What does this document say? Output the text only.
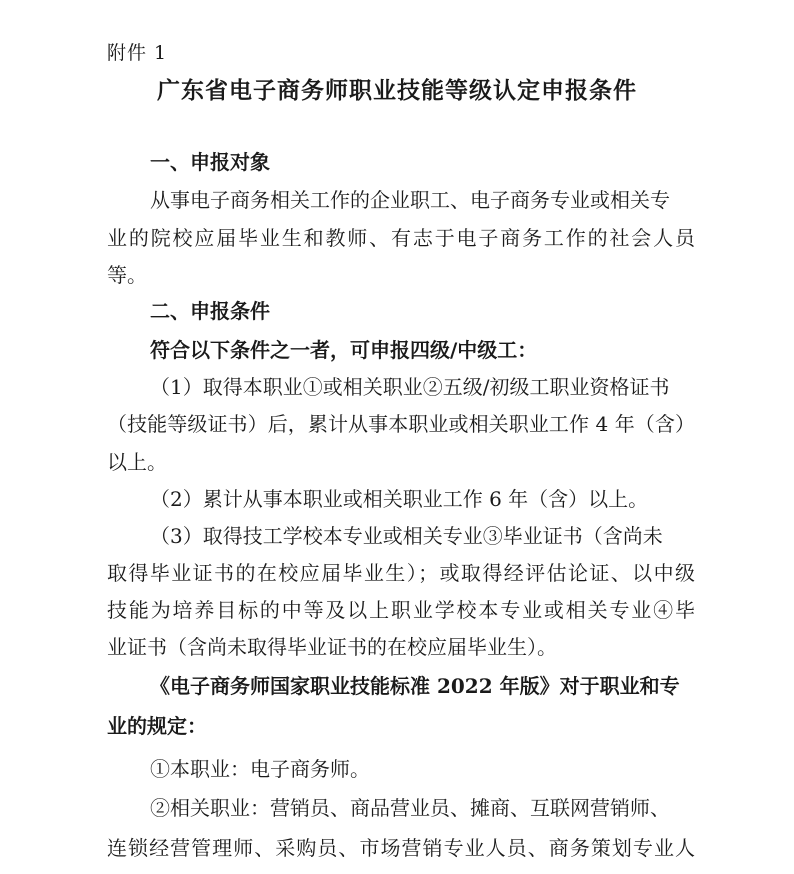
附件 1
广东省电子商务师职业技能等级认定申报条件
一、申报对象
从事电子商务相关工作的企业职工、电子商务专业或相关专
业的院校应届毕业生和教师、有志于电子商务工作的社会人员
等。
二、申报条件
符合以下条件之一者，可申报四级/中级工：
（1）取得本职业①或相关职业②五级/初级工职业资格证书
（技能等级证书）后，累计从事本职业或相关职业工作 4 年（含）
以上。
（2）累计从事本职业或相关职业工作 6 年（含）以上。
（3）取得技工学校本专业或相关专业③毕业证书（含尚未
取得毕业证书的在校应届毕业生）；或取得经评估论证、以中级
技能为培养目标的中等及以上职业学校本专业或相关专业④毕
业证书（含尚未取得毕业证书的在校应届毕业生）。
《电子商务师国家职业技能标准 2022 年版》对于职业和专
业的规定：
①本职业：电子商务师。
②相关职业：营销员、商品营业员、摊商、互联网营销师、
连锁经营管理师、采购员、市场营销专业人员、商务策划专业人
